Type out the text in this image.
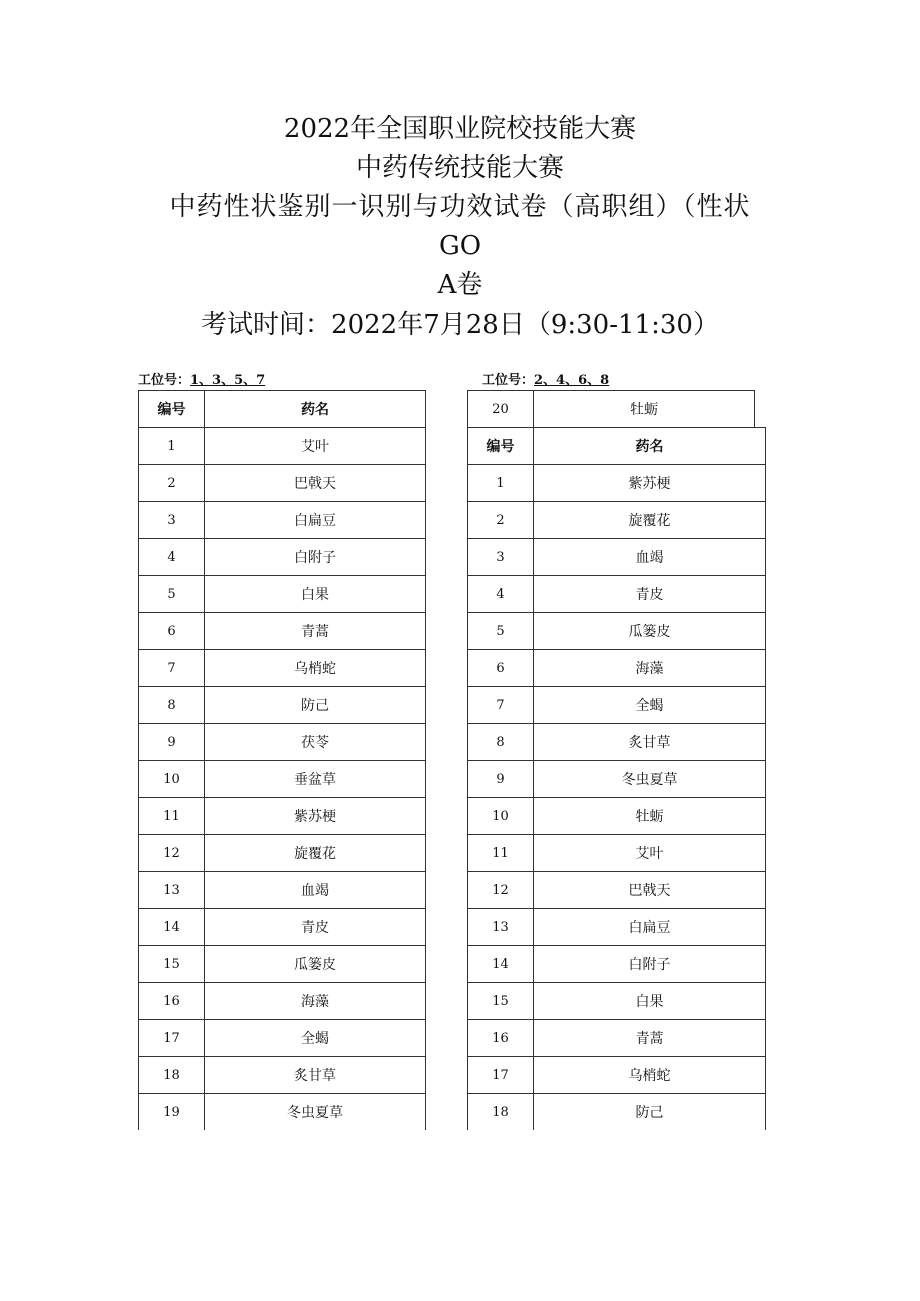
2022年全国职业院校技能大赛
中药传统技能大赛
中药性状鉴别一识别与功效试卷（高职组）（性状
GO
A卷
考试时间：2022年7月28日（9:30-11:30）
工位号：1、3、5、7	工位号：2、4、6、8
编号	药名
1	艾叶
2	巴戟天
3	白扁豆
4	白附子
5	白果
6	青蒿
7	乌梢蛇
8	防己
9	茯苓
10	垂盆草
11	紫苏梗
12	旋覆花
13	血竭
14	青皮
15	瓜篓皮
16	海藻
17	全蝎
18	炙甘草
19	冬虫夏草
20	牡蛎
编号	药名
1	紫苏梗
2	旋覆花
3	血竭
4	青皮
5	瓜篓皮
6	海藻
7	全蝎
8	炙甘草
9	冬虫夏草
10	牡蛎
11	艾叶
12	巴戟天
13	白扁豆
14	白附子
15	白果
16	青蒿
17	乌梢蛇
18	防己
